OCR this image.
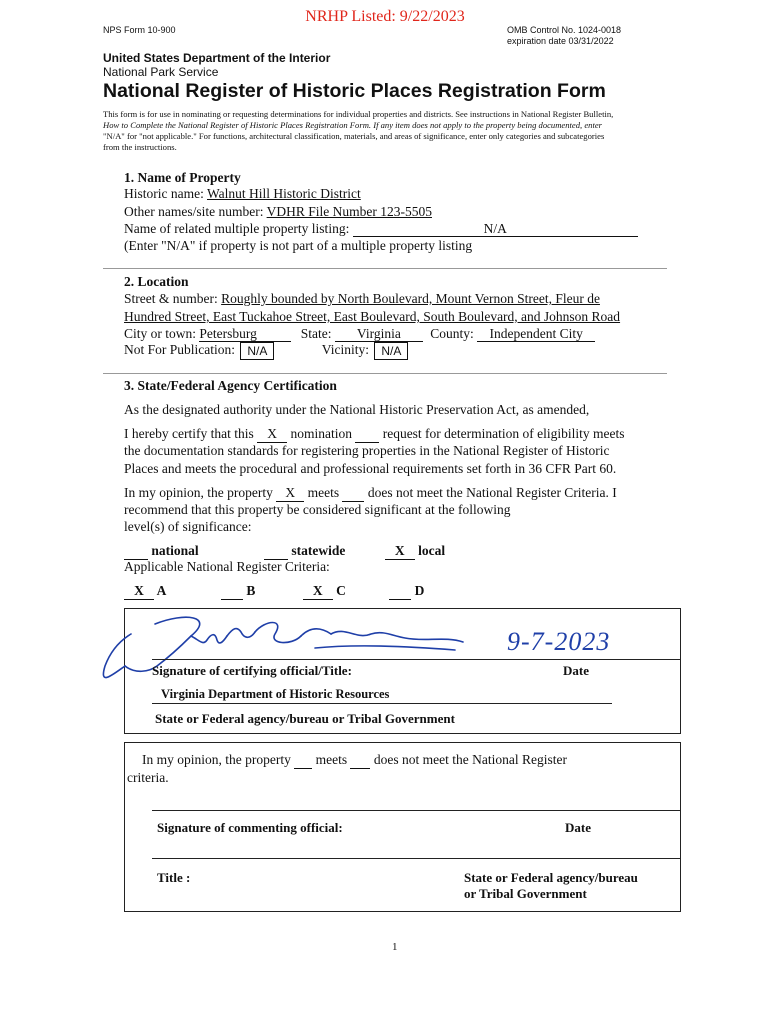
NRHP Listed: 9/22/2023
NPS Form 10-900	OMB Control No. 1024-0018
expiration date 03/31/2022
United States Department of the Interior
National Park Service
National Register of Historic Places Registration Form
This form is for use in nominating or requesting determinations for individual properties and districts. See instructions in National Register Bulletin,
How to Complete the National Register of Historic Places Registration Form. If any item does not apply to the property being documented, enter
"N/A" for "not applicable." For functions, architectural classification, materials, and areas of significance, enter only categories and subcategories
from the instructions.
1. Name of Property
Historic name: Walnut Hill Historic District
Other names/site number: VDHR File Number 123-5505
Name of related multiple property listing:	N/A
(Enter "N/A" if property is not part of a multiple property listing
2. Location
Street & number: Roughly bounded by North Boulevard, Mount Vernon Street, Fleur de
Hundred Street, East Tuckahoe Street, East Boulevard, South Boulevard, and Johnson Road
City or town: Petersburg	State: Virginia County: Independent City
Not For Publication: N/A	Vicinity: N/A
3. State/Federal Agency Certification
As the designated authority under the National Historic Preservation Act, as amended,
I hereby certify that this X nomination request for determination of eligibility meets
the documentation standards for registering properties in the National Register of Historic
Places and meets the procedural and professional requirements set forth in 36 CFR Part 60.
In my opinion, the property X meets does not meet the National Register Criteria. I
recommend that this property be considered significant at the following
level(s) of significance:
national	statewide	X local
Applicable National Register Criteria:
X A	B	X C	D
9-7-2023
Signature of certifying official/Title:	Date
Virginia Department of Historic Resources
State or Federal agency/bureau or Tribal Government
In my opinion, the property meets does not meet the National Register
criteria.
Signature of commenting official:	Date
Title :	State or Federal agency/bureau
or Tribal Government
1
